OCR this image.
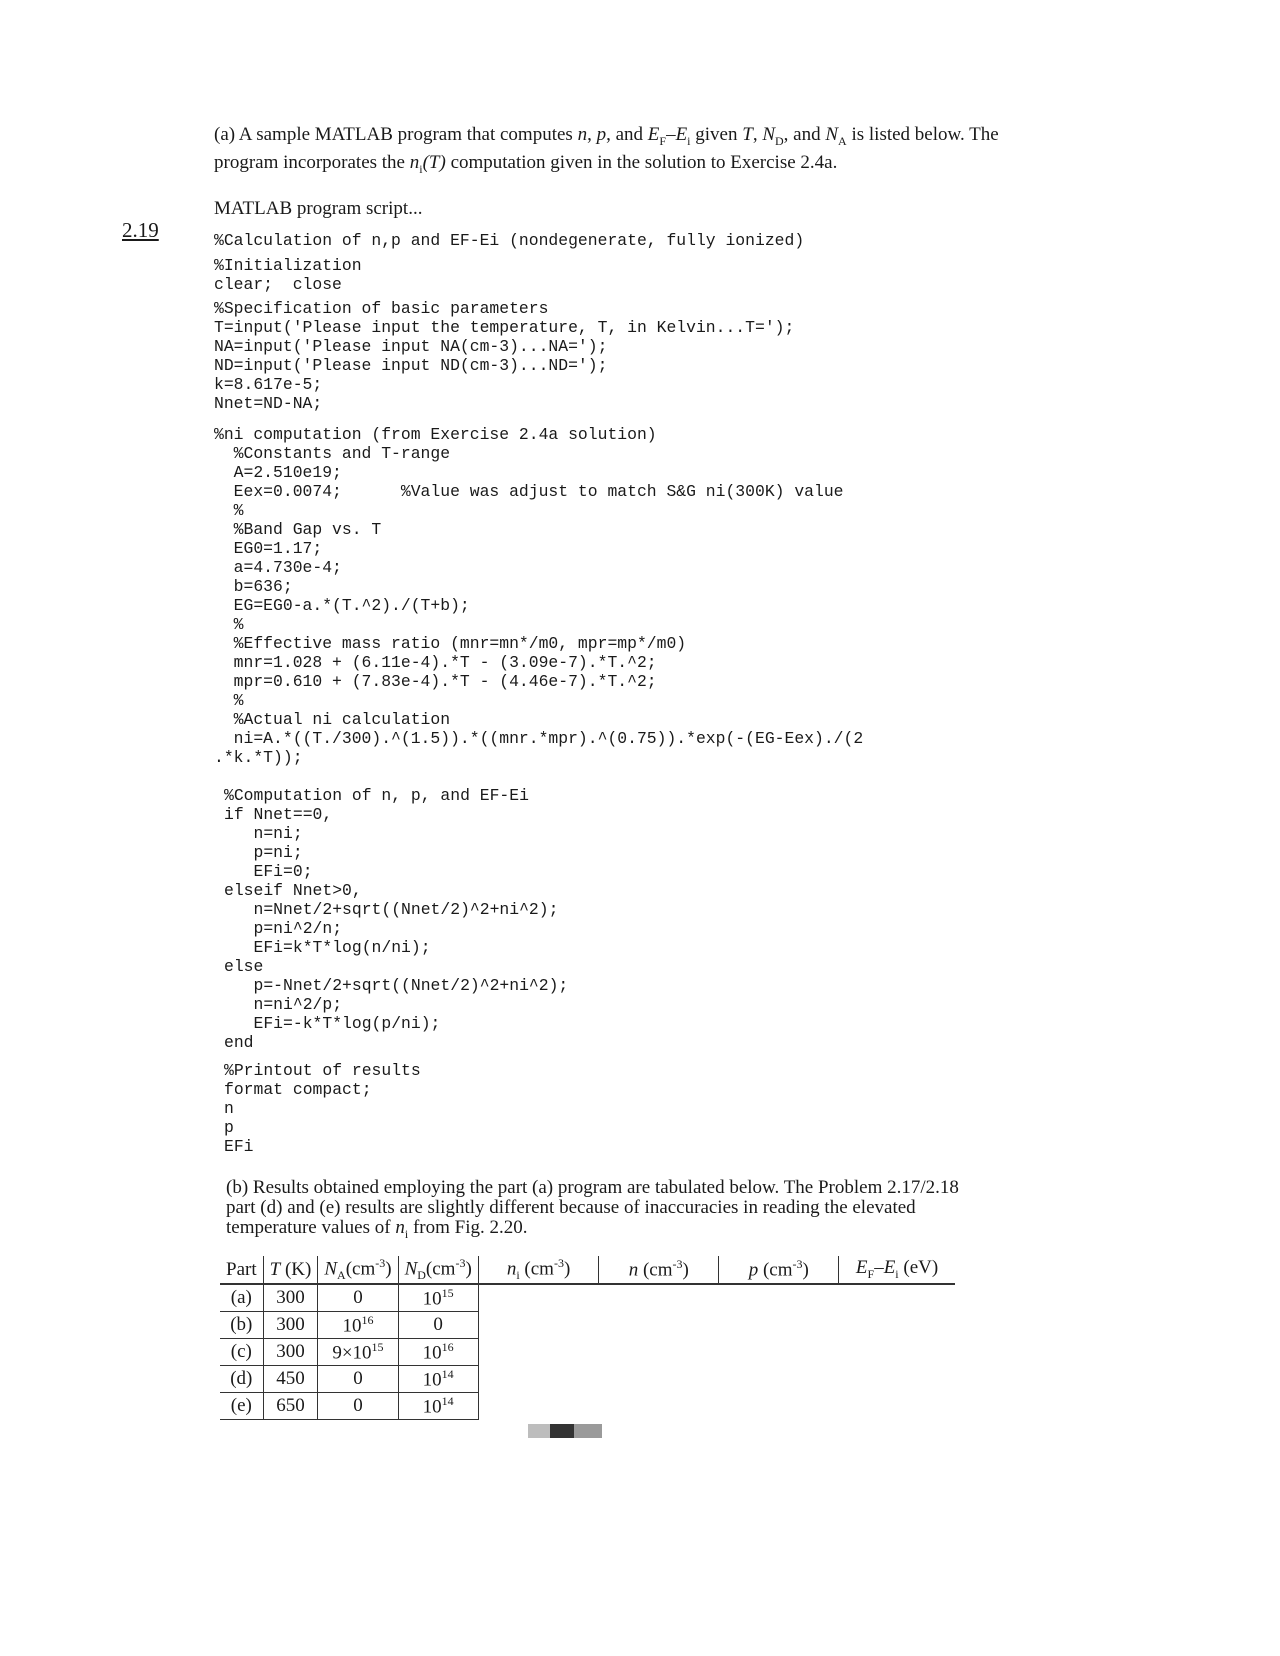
2.19

(a) A sample MATLAB program that computes n, p, and $E_F-E_i$ given T, $N_D$, and $N_A$ is listed below. The program incorporates the $n_i(T)$ computation given in the solution to Exercise 2.4a.

MATLAB program script...

%Calculation of n,p and EF-Ei (nondegenerate, fully ionized)
%Initialization
clear;  close
%Specification of basic parameters
T=input('Please input the temperature, T, in Kelvin...T=');
NA=input('Please input NA(cm-3)...NA=');
ND=input('Please input ND(cm-3)...ND=');
k=8.617e-5;
Nnet=ND-NA;
%ni computation (from Exercise 2.4a solution)
%Constants and T-range
A=2.510e19;
Eex=0.0074;      %Value was adjust to match S&G ni(300K) value
%
%Band Gap vs. T
EG0=1.17;
a=4.730e-4;
b=636;
EG=EG0-a.*(T.^2)./(T+b);
%
%Effective mass ratio (mnr=mn*/m0, mpr=mp*/m0)
mnr=1.028 + (6.11e-4).*T - (3.09e-7).*T.^2;
mpr=0.610 + (7.83e-4).*T - (4.46e-7).*T.^2;
%
%Actual ni calculation
ni=A.*((T./300).^(1.5)).*((mnr.*mpr).^(0.75)).*exp(-(EG-Eex)./(2
.*k.*T));
%Computation of n, p, and EF-Ei
if Nnet==0,
n=ni;
p=ni;
EFi=0;
elseif Nnet>0,
n=Nnet/2+sqrt((Nnet/2)^2+ni^2);
p=ni^2/n;
EFi=k*T*log(n/ni);
else
p=-Nnet/2+sqrt((Nnet/2)^2+ni^2);
n=ni^2/p;
EFi=-k*T*log(p/ni);
end
%Printout of results
format compact;
n
p
EFi

(b) Results obtained employing the part (a) program are tabulated below. The Problem 2.17/2.18 part (d) and (e) results are slightly different because of inaccuracies in reading the elevated temperature values of $n_i$ from Fig. 2.20.

Part	T (K)	$N_A(cm^{-3})$	$N_D(cm^{-3})$	$n_i$ $(cm^{-3})$	n $(cm^{-3})$	p $(cm^{-3})$	$E_F-E_i$ (eV)
(a)	300	0	$10^{15}$				
(b)	300	$10^{16}$	0				
(c)	300	$9\times 10^{15}$	$10^{16}$				
(d)	450	0	$10^{14}$				
(e)	650	0	$10^{14}$				
